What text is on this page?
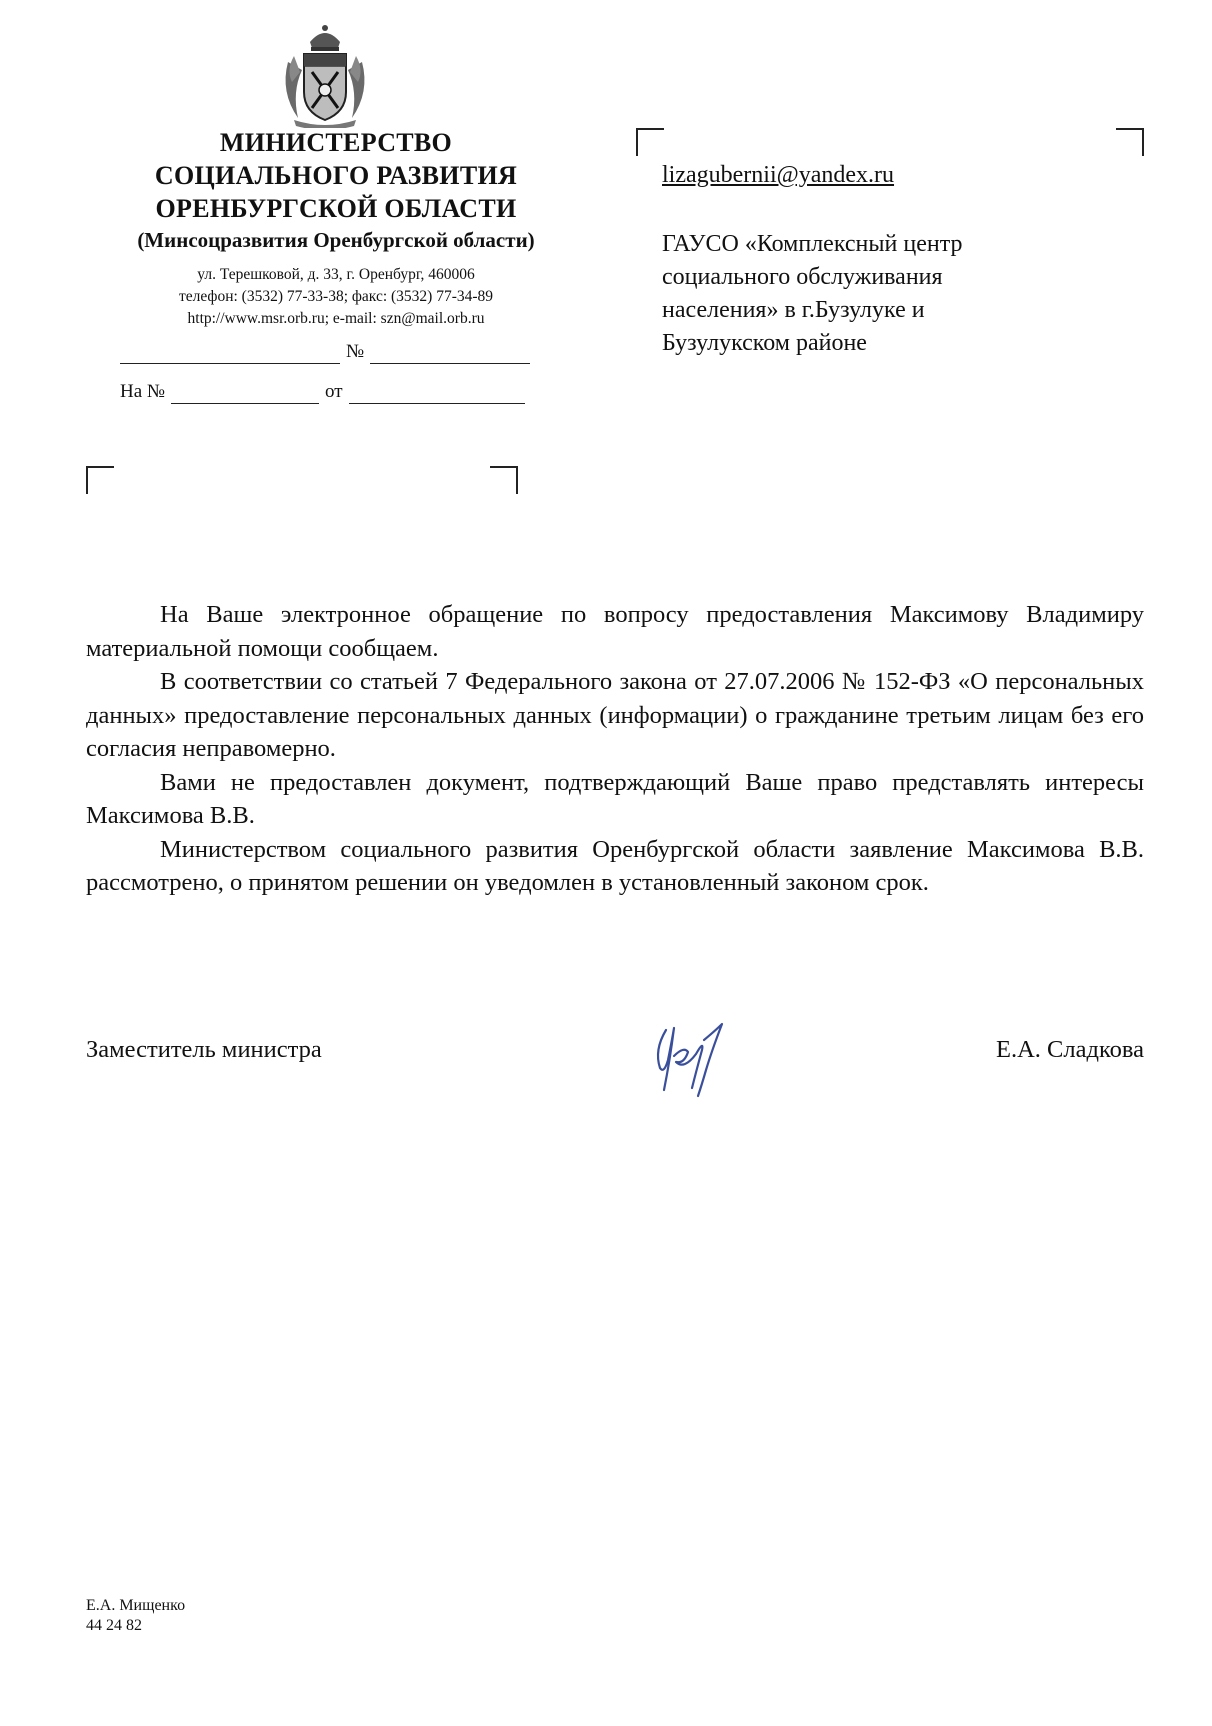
МИНИСТЕРСТВО
СОЦИАЛЬНОГО РАЗВИТИЯ
ОРЕНБУРГСКОЙ ОБЛАСТИ
(Минсоцразвития Оренбургской области)
ул. Терешковой, д. 33, г. Оренбург, 460006
телефон: (3532) 77-33-38; факс: (3532) 77-34-89
http://www.msr.orb.ru; e-mail: szn@mail.orb.ru
№
На №	от
lizagubernii@yandex.ru
ГАУСО «Комплексный центр
социального обслуживания
населения» в г.Бузулуке и
Бузулукском районе

На Ваше электронное обращение по вопросу предоставления Максимову Владимиру материальной помощи сообщаем.

В соответствии со статьей 7 Федерального закона от 27.07.2006 № 152-ФЗ «О персональных данных» предоставление персональных данных (информации) о гражданине третьим лицам без его согласия неправомерно.

Вами не предоставлен документ, подтверждающий Ваше право представлять интересы Максимова В.В.

Министерством социального развития Оренбургской области заявление Максимова В.В. рассмотрено, о принятом решении он уведомлен в установленный законом срок.

Заместитель министра	Е.А. Сладкова
Е.А. Мищенко
44 24 82
